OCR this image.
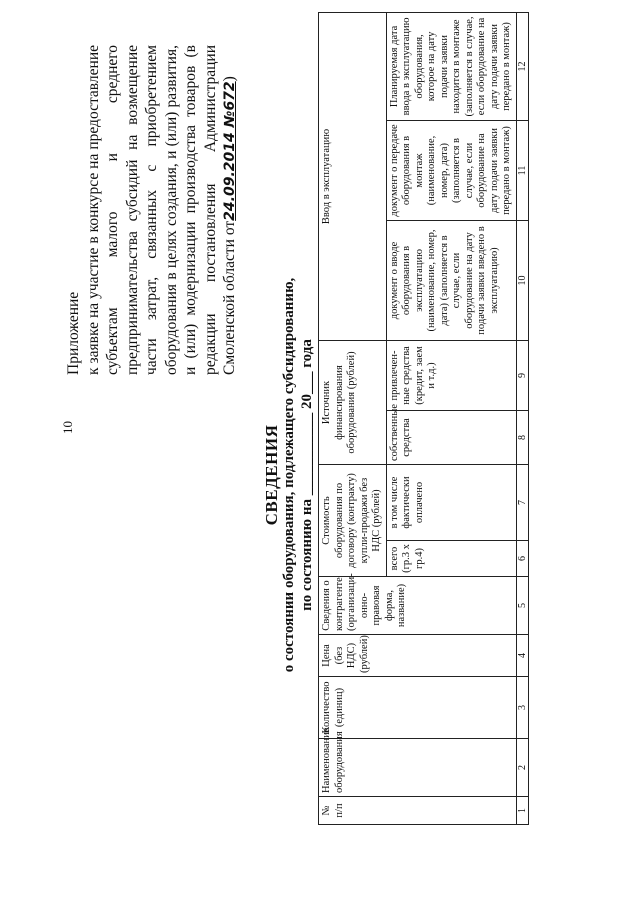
10
Приложение к заявке на участие в конкурсе на предоставление субъектам малого и среднего предпринимательства субсидий на возмещение части затрат, связанных с приобретением оборудования в целях создания, и (или) развития, и (или) модернизации производства товаров (в редакции постановления Администрации Смоленской области от24.09.2014 №672)
СВЕДЕНИЯ о состоянии оборудования, подлежащего субсидированию, по состоянию на ___________ 20___ года
№ п/п	Наименование оборудования	Количество (единиц)	Цена (без НДС) (рублей)	Сведения о контрагенте (организаци-онно-правовая форма, название)	Стоимость оборудования по договору (контракту) купли-продажи без НДС (рублей)		Источник финансирования оборудования (рублей)		Ввод в эксплуатацию		
					всего (гр.3 х гр.4)	в том числе фактически оплачено	собственные средства	привлечен-ные средства (кредит, заем и т.д.)	документ о вводе оборудования в эксплуатацию (наименование, номер, дата) (заполняется в случае, если оборудование на дату подачи заявки введено в эксплуатацию)	документ о передаче оборудования в монтаж (наименование, номер, дата) (заполняется в случае, если оборудование на дату подачи заявки передано в монтаж)	Планируемая дата ввода в эксплуатацию оборудования, которое на дату подачи заявки находится в монтаже (заполняется в случае, если оборудование на дату подачи заявки передано в монтаж)
1	2	3	4	5	6	7	8	9	10	11	12
